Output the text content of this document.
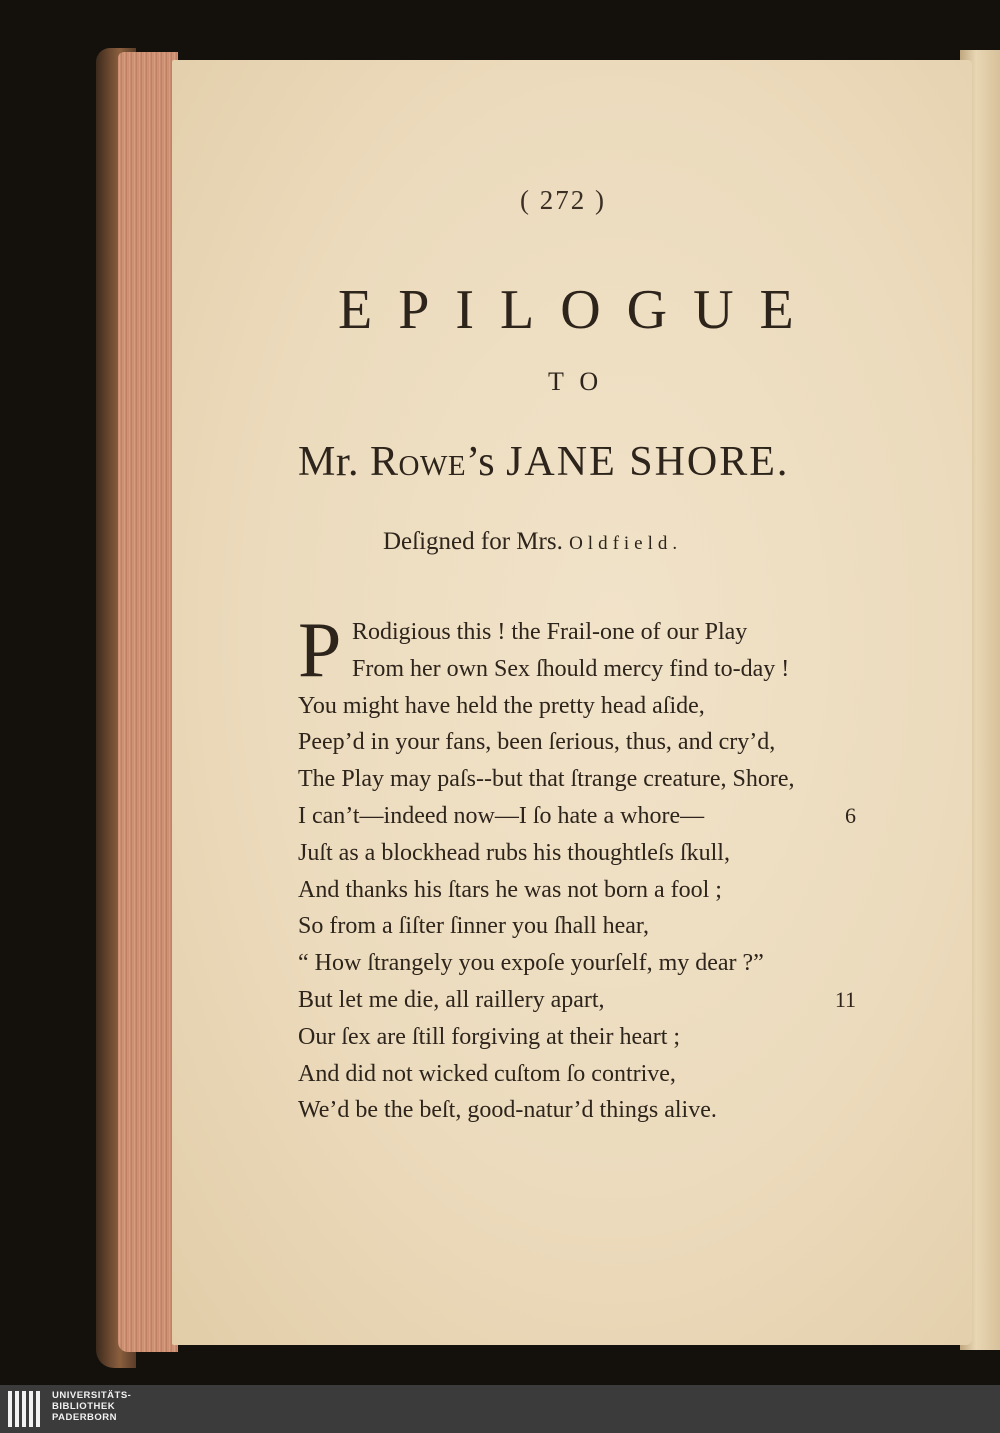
( 272 )
EPILOGUE
TO
Mr. Rowe’s JANE SHORE.
Deſigned for Mrs. Oldfield.
P Rodigious this ! the Frail-one of our Play
From her own Sex ſhould mercy find to-day !
You might have held the pretty head aſide,
Peep’d in your fans, been ſerious, thus, and cry’d,
The Play may paſs--but that ſtrange creature, Shore,
I can’t—indeed now—I ſo hate a whore—	6
Juſt as a blockhead rubs his thoughtleſs ſkull,
And thanks his ſtars he was not born a fool ;
So from a ſiſter ſinner you ſhall hear,
“ How ſtrangely you expoſe yourſelf, my dear ?”
But let me die, all raillery apart,	11
Our ſex are ſtill forgiving at their heart ;
And did not wicked cuſtom ſo contrive,
We’d be the beſt, good-natur’d things alive.
UNIVERSITÄTS-
BIBLIOTHEK
PADERBORN
